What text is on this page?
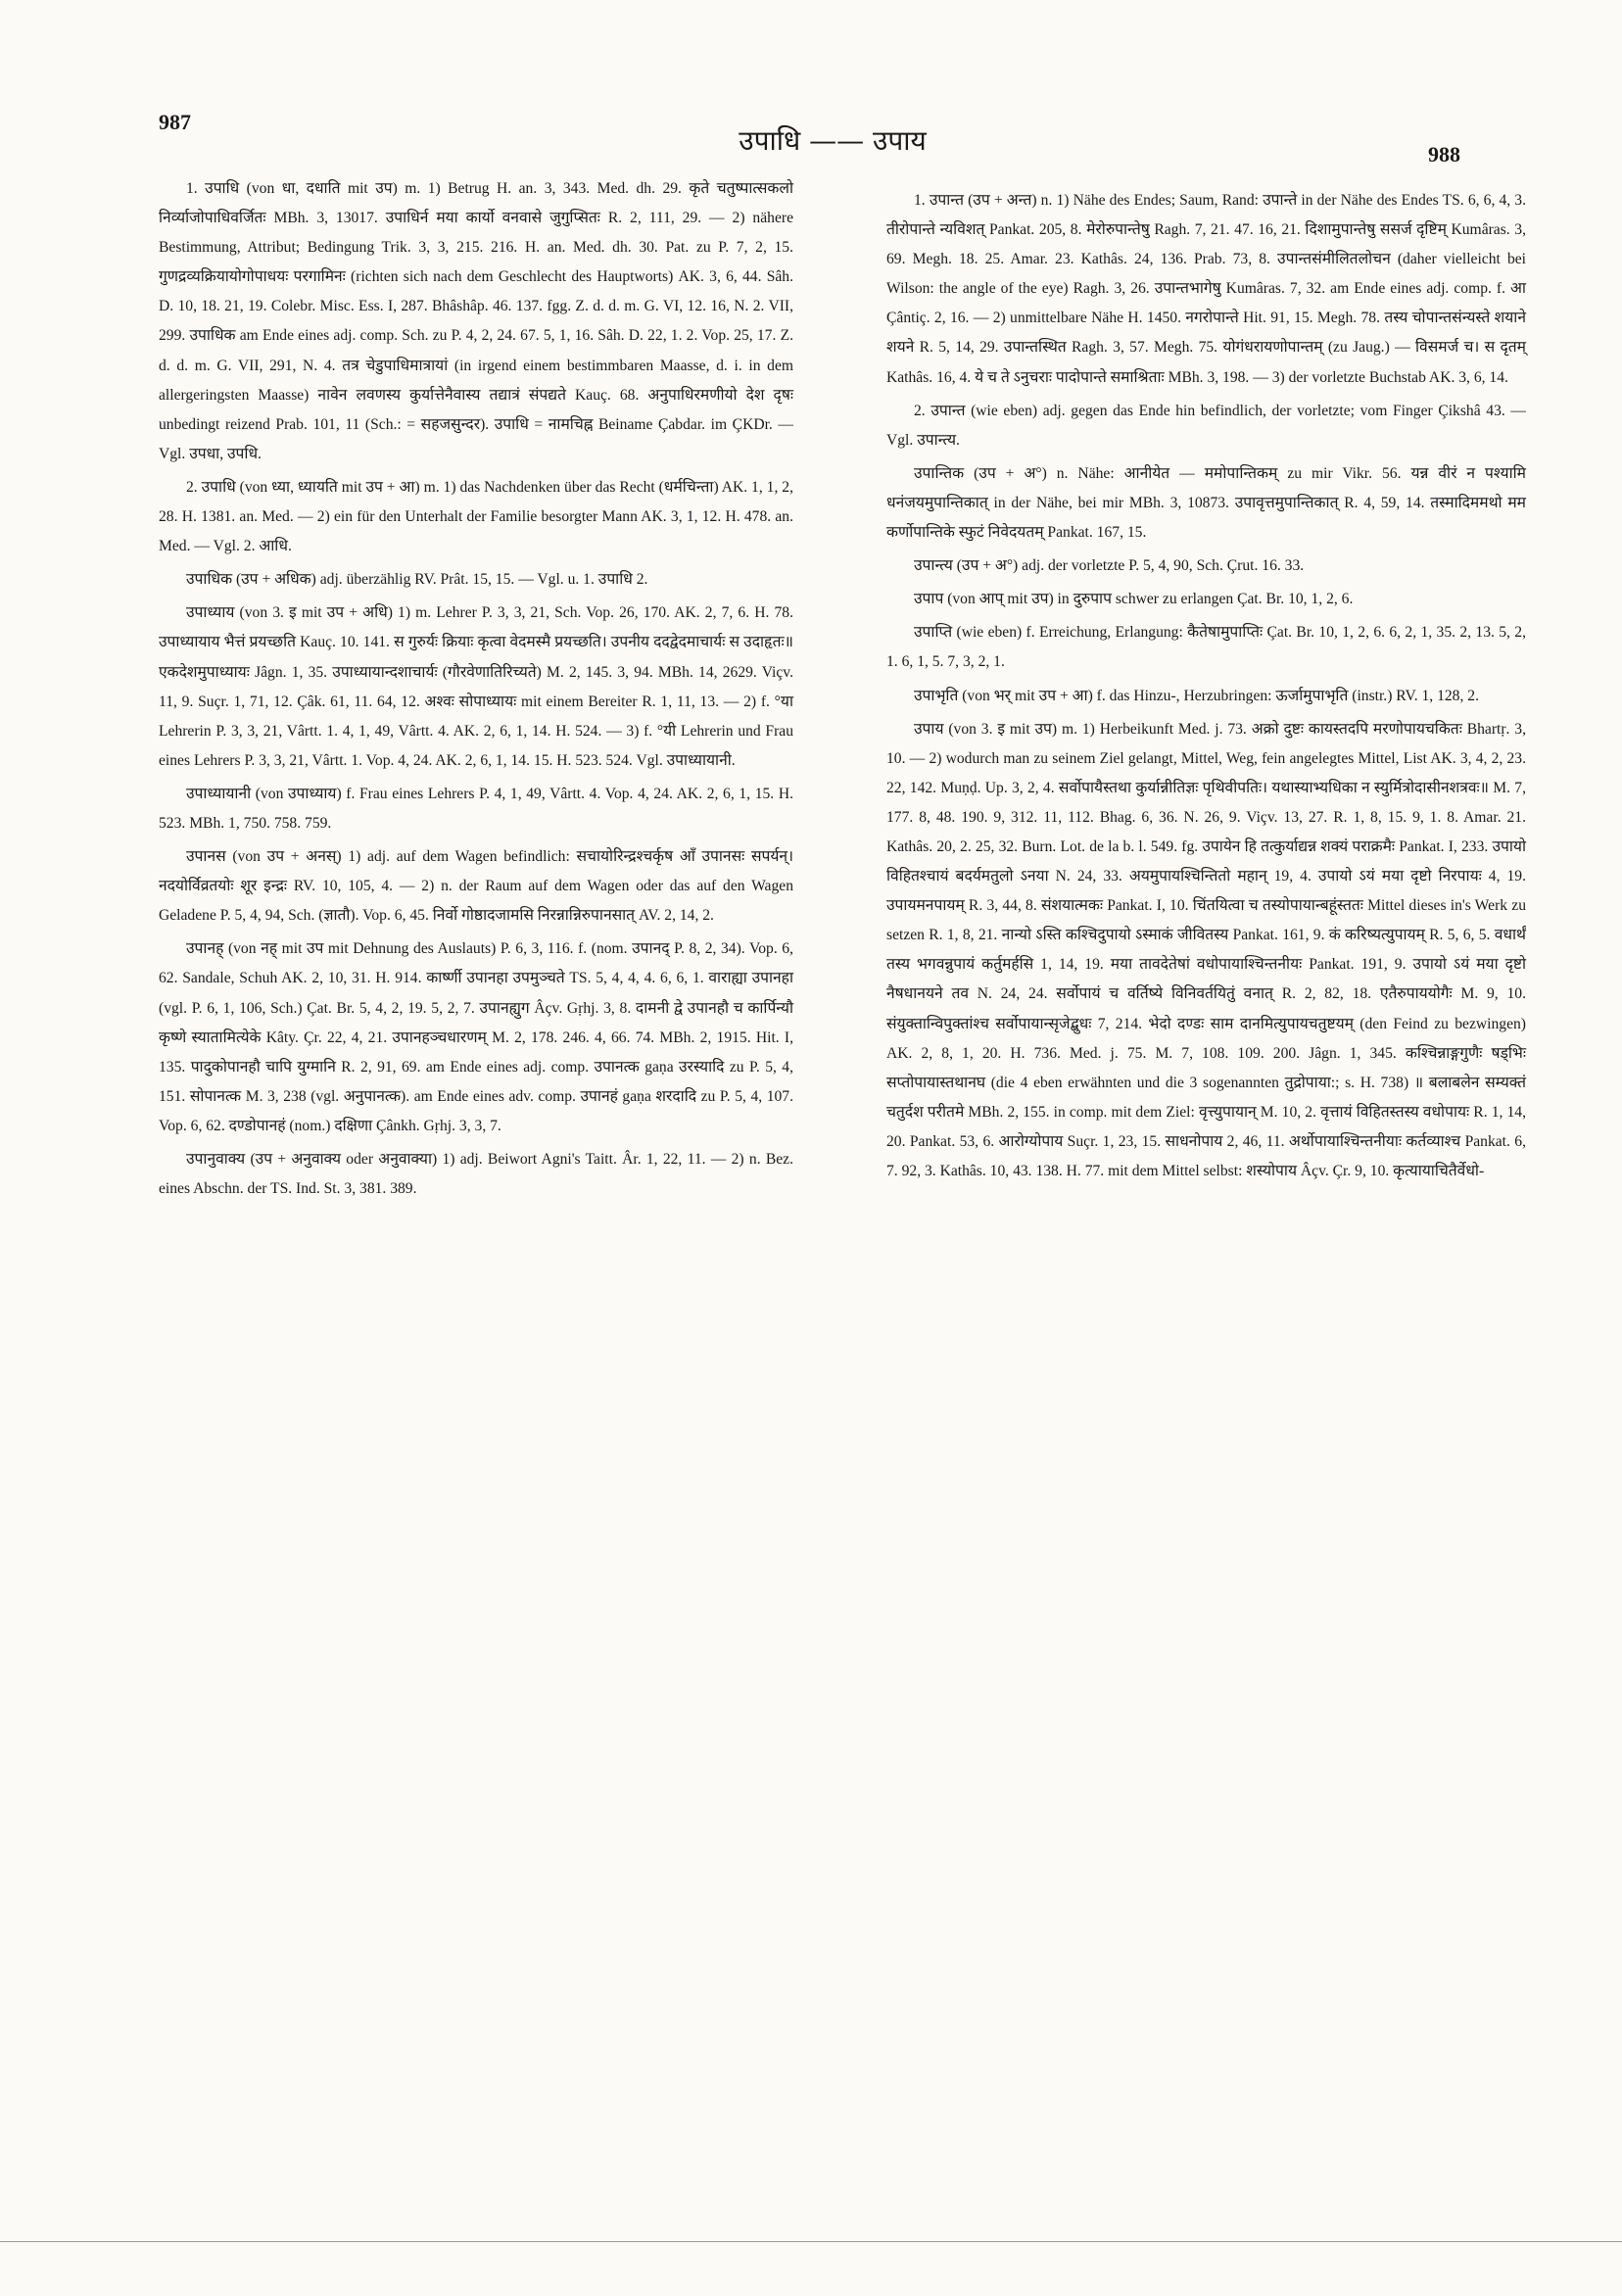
987
उपाधि —— उपाय	988

1. उपाधि (von धा, दधाति mit उप) m. 1) Betrug H. an. 3, 343. Med. dh. 29. कृते चतुष्पात्सकलो निर्व्याजोपाधिवर्जितः MBh. 3, 13017. उपाधिर्न मया कार्यो वनवासे जुगुप्सितः R. 2, 111, 29. — 2) nähere Bestimmung, Attribut; Bedingung Trik. 3, 3, 215. 216. H. an. Med. dh. 30. Pat. zu P. 7, 2, 15. गुणद्रव्यक्रियायोगोपाधयः परगामिनः (richten sich nach dem Geschlecht des Hauptworts) AK. 3, 6, 44. Sâh. D. 10, 18. 21, 19. Colebr. Misc. Ess. I, 287. Bhâshâp. 46. 137. fgg. Z. d. d. m. G. VI, 12. 16, N. 2. VII, 299. उपाधिक am Ende eines adj. comp. Sch. zu P. 4, 2, 24. 67. 5, 1, 16. Sâh. D. 22, 1. 2. Vop. 25, 17. Z. d. d. m. G. VII, 291, N. 4. तत्र चेडुपाधिमात्रायां (in irgend einem bestimmbaren Maasse, d. i. in dem allergeringsten Maasse) नावेन लवणस्य कुर्यात्तेनैवास्य तद्यात्रं संपद्यते Kauç. 68. अनुपाधिरमणीयो देश दृषः unbedingt reizend Prab. 101, 11 (Sch.: = सहजसुन्दर). उपाधि = नामचिह्न Beiname Çabdar. im ÇKDr. — Vgl. उपधा, उपधि.

2. उपाधि (von ध्या, ध्यायति mit उप + आ) m. 1) das Nachdenken über das Recht (धर्मचिन्ता) AK. 1, 1, 2, 28. H. 1381. an. Med. — 2) ein für den Unterhalt der Familie besorgter Mann AK. 3, 1, 12. H. 478. an. Med. — Vgl. 2. आधि.

उपाधिक (उप + अधिक) adj. überzählig RV. Prât. 15, 15. — Vgl. u. 1. उपाधि 2.

उपाध्याय (von 3. इ mit उप + अधि) 1) m. Lehrer P. 3, 3, 21, Sch. Vop. 26, 170. AK. 2, 7, 6. H. 78. उपाध्यायाय भैत्तं प्रयच्छति Kauç. 10. 141. स गुरुर्यः क्रियाः कृत्वा वेदमस्मै प्रयच्छति। उपनीय ददद्वेदमाचार्यः स उदाहृतः॥ एकदेशमुपाध्यायः Jâgn. 1, 35. उपाध्यायान्दशाचार्यः (गौरवेणातिरिच्यते) M. 2, 145. 3, 94. MBh. 14, 2629. Viçv. 11, 9. Suçr. 1, 71, 12. Çâk. 61, 11. 64, 12. अश्वः सोपाध्यायः mit einem Bereiter R. 1, 11, 13. — 2) f. °या Lehrerin P. 3, 3, 21, Vârtt. 1. 4, 1, 49, Vârtt. 4. AK. 2, 6, 1, 14. H. 524. — 3) f. °यी Lehrerin und Frau eines Lehrers P. 3, 3, 21, Vârtt. 1. Vop. 4, 24. AK. 2, 6, 1, 14. 15. H. 523. 524. Vgl. उपाध्यायानी.

उपाध्यायानी (von उपाध्याय) f. Frau eines Lehrers P. 4, 1, 49, Vârtt. 4. Vop. 4, 24. AK. 2, 6, 1, 15. H. 523. MBh. 1, 750. 758. 759.

उपानस (von उप + अनस्) 1) adj. auf dem Wagen befindlich: सचायोरिन्द्रश्चर्कृष आँ उपानसः सपर्यन्। नदयोर्विव्रतयोः शूर इन्द्रः RV. 10, 105, 4. — 2) n. der Raum auf dem Wagen oder das auf den Wagen Geladene P. 5, 4, 94, Sch. (ज्ञातौ). Vop. 6, 45. निर्वो गोष्ठादजामसि निरन्नान्निरुपानसात् AV. 2, 14, 2.

उपानह् (von नह् mit उप mit Dehnung des Auslauts) P. 6, 3, 116. f. (nom. उपानद् P. 8, 2, 34). Vop. 6, 62. Sandale, Schuh AK. 2, 10, 31. H. 914. कार्ष्णी उपानहा उपमुञ्चते TS. 5, 4, 4, 4. 6, 6, 1. वाराह्या उपानहा (vgl. P. 6, 1, 106, Sch.) Çat. Br. 5, 4, 2, 19. 5, 2, 7. उपानह्युग Âçv. Gṛhj. 3, 8. दामनी द्वे उपानहौ च कार्पिन्यौ कृष्णे स्यातामित्येके Kâty. Çr. 22, 4, 21. उपानहञ्चधारणम् M. 2, 178. 246. 4, 66. 74. MBh. 2, 1915. Hit. I, 135. पादुकोपानहौ चापि युग्मानि R. 2, 91, 69. am Ende eines adj. comp. उपानत्क gaṇa उरस्यादि zu P. 5, 4, 151. सोपानत्क M. 3, 238 (vgl. अनुपानत्क). am Ende eines adv. comp. उपानहं gaṇa शरदादि zu P. 5, 4, 107. Vop. 6, 62. दण्डोपानहं (nom.) दक्षिणा Çânkh. Gṛhj. 3, 3, 7.

उपानुवाक्य (उप + अनुवाक्य oder अनुवाक्या) 1) adj. Beiwort Agni's Taitt. Âr. 1, 22, 11. — 2) n. Bez. eines Abschn. der TS. Ind. St. 3, 381. 389.

1. उपान्त (उप + अन्त) n. 1) Nähe des Endes; Saum, Rand: उपान्ते in der Nähe des Endes TS. 6, 6, 4, 3. तीरोपान्ते न्यविशत् Pankat. 205, 8. मेरोरुपान्तेषु Ragh. 7, 21. 47. 16, 21. दिशामुपान्तेषु ससर्ज दृष्टिम् Kumâras. 3, 69. Megh. 18. 25. Amar. 23. Kathâs. 24, 136. Prab. 73, 8. उपान्तसंमीलितलोचन (daher vielleicht bei Wilson: the angle of the eye) Ragh. 3, 26. उपान्तभागेषु Kumâras. 7, 32. am Ende eines adj. comp. f. आ Çântiç. 2, 16. — 2) unmittelbare Nähe H. 1450. नगरोपान्ते Hit. 91, 15. Megh. 78. तस्य चोपान्तसंन्यस्ते शयाने शयने R. 5, 14, 29. उपान्तस्थित Ragh. 3, 57. Megh. 75. योगंधरायणोपान्तम् (zu Jaug.) — विसमर्ज च। स दृतम् Kathâs. 16, 4. ये च ते ऽनुचराः पादोपान्ते समाश्रिताः MBh. 3, 198. — 3) der vorletzte Buchstab AK. 3, 6, 14.

2. उपान्त (wie eben) adj. gegen das Ende hin befindlich, der vorletzte; vom Finger Çikshâ 43. — Vgl. उपान्त्य.

उपान्तिक (उप + अ°) n. Nähe: आनीयेत — ममोपान्तिकम् zu mir Vikr. 56. यन्न वीरं न पश्यामि धनंजयमुपान्तिकात् in der Nähe, bei mir MBh. 3, 10873. उपावृत्तमुपान्तिकात् R. 4, 59, 14. तस्मादिममथो मम कर्णोपान्तिके स्फुटं निवेदयतम् Pankat. 167, 15.

उपान्त्य (उप + अ°) adj. der vorletzte P. 5, 4, 90, Sch. Çrut. 16. 33.

उपाप (von आप् mit उप) in दुरुपाप schwer zu erlangen Çat. Br. 10, 1, 2, 6.

उपाप्ति (wie eben) f. Erreichung, Erlangung: कैतेषामुपाप्तिः Çat. Br. 10, 1, 2, 6. 6, 2, 1, 35. 2, 13. 5, 2, 1. 6, 1, 5. 7, 3, 2, 1.

उपाभृति (von भर् mit उप + आ) f. das Hinzu-, Herzubringen: ऊर्जामुपाभृति (instr.) RV. 1, 128, 2.

उपाय (von 3. इ mit उप) m. 1) Herbeikunft Med. j. 73. अक्रो दुष्टः कायस्तदपि मरणोपायचकितः Bhartṛ. 3, 10. — 2) wodurch man zu seinem Ziel gelangt, Mittel, Weg, fein angelegtes Mittel, List AK. 3, 4, 2, 23. 22, 142. Muṇḍ. Up. 3, 2, 4. सर्वोपायैस्तथा कुर्यान्नीतिज्ञः पृथिवीपतिः। यथास्याभ्यधिका न स्युर्मित्रोदासीनशत्रवः॥ M. 7, 177. 8, 48. 190. 9, 312. 11, 112. Bhag. 6, 36. N. 26, 9. Viçv. 13, 27. R. 1, 8, 15. 9, 1. 8. Amar. 21. Kathâs. 20, 2. 25, 32. Burn. Lot. de la b. l. 549. fg. उपायेन हि तत्कुर्याद्यन्न शक्यं पराक्रमैः Pankat. I, 233. उपायो विहितश्चायं बदर्यमतुलो ऽनया N. 24, 33. अयमुपायश्चिन्तितो महान् 19, 4. उपायो ऽयं मया दृष्टो निरपायः 4, 19. उपायमनपायम् R. 3, 44, 8. संशयात्मकः Pankat. I, 10. चिंतयित्वा च तस्योपायान्बहूंस्ततः Mittel dieses in's Werk zu setzen R. 1, 8, 21. नान्यो ऽस्ति कश्चिदुपायो ऽस्माकं जीवितस्य Pankat. 161, 9. कं करिष्यत्युपायम् R. 5, 6, 5. वधार्थं तस्य भगवन्नुपायं कर्तुमर्हसि 1, 14, 19. मया तावदेतेषां वधोपायाश्चिन्तनीयः Pankat. 191, 9. उपायो ऽयं मया दृष्टो नैषधानयने तव N. 24, 24. सर्वोपायं च वर्तिष्ये विनिवर्तयितुं वनात् R. 2, 82, 18. एतैरुपाययोगैः M. 9, 10. संयुक्तान्विपुक्तांश्च सर्वोपायान्सृजेद्बुधः 7, 214. भेदो दण्डः साम दानमित्युपायचतुष्टयम् (den Feind zu bezwingen) AK. 2, 8, 1, 20. H. 736. Med. j. 75. M. 7, 108. 109. 200. Jâgn. 1, 345. कश्चिन्नाङ्गगुणैः षड्भिः सप्तोपायास्तथानघ (die 4 eben erwähnten und die 3 sogenannten तुद्रोपाया:; s. H. 738) ॥ बलाबलेन सम्यक्तं चतुर्दश परीतमे MBh. 2, 155. in comp. mit dem Ziel: वृत्त्युपायान् M. 10, 2. वृत्तायं विहितस्तस्य वधोपायः R. 1, 14, 20. Pankat. 53, 6. आरोग्योपाय Suçr. 1, 23, 15. साधनोपाय 2, 46, 11. अर्थोपायाश्चिन्तनीयाः कर्तव्याश्च Pankat. 6, 7. 92, 3. Kathâs. 10, 43. 138. H. 77. mit dem Mittel selbst: शस्योपाय Âçv. Çr. 9, 10. कृत्यायाचितैर्वेधो-
